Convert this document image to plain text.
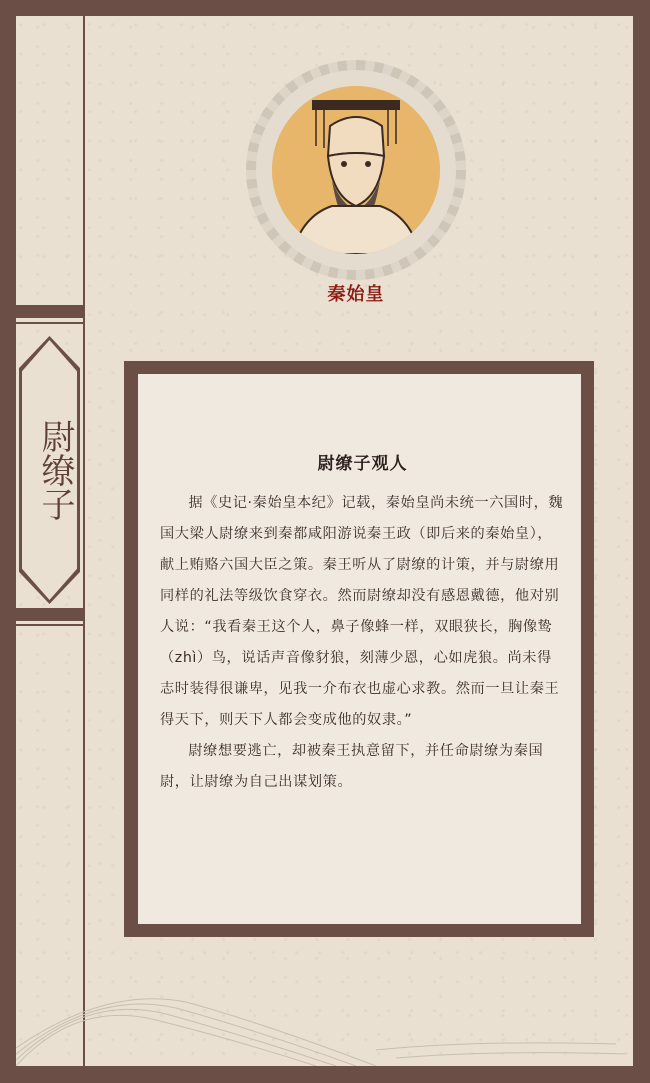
尉缭子
秦始皇
尉缭子观人

据《史记·秦始皇本纪》记载，秦始皇尚未统一六国时，魏国大梁人尉缭来到秦都咸阳游说秦王政（即后来的秦始皇），献上贿赂六国大臣之策。秦王听从了尉缭的计策，并与尉缭用同样的礼法等级饮食穿衣。然而尉缭却没有感恩戴德，他对别人说：“我看秦王这个人，鼻子像蜂一样，双眼狭长，胸像鸷（zhì）鸟，说话声音像豺狼，刻薄少恩，心如虎狼。尚未得志时装得很谦卑，见我一介布衣也虚心求教。然而一旦让秦王得天下，则天下人都会变成他的奴隶。”

尉缭想要逃亡，却被秦王执意留下，并任命尉缭为秦国尉，让尉缭为自己出谋划策。
